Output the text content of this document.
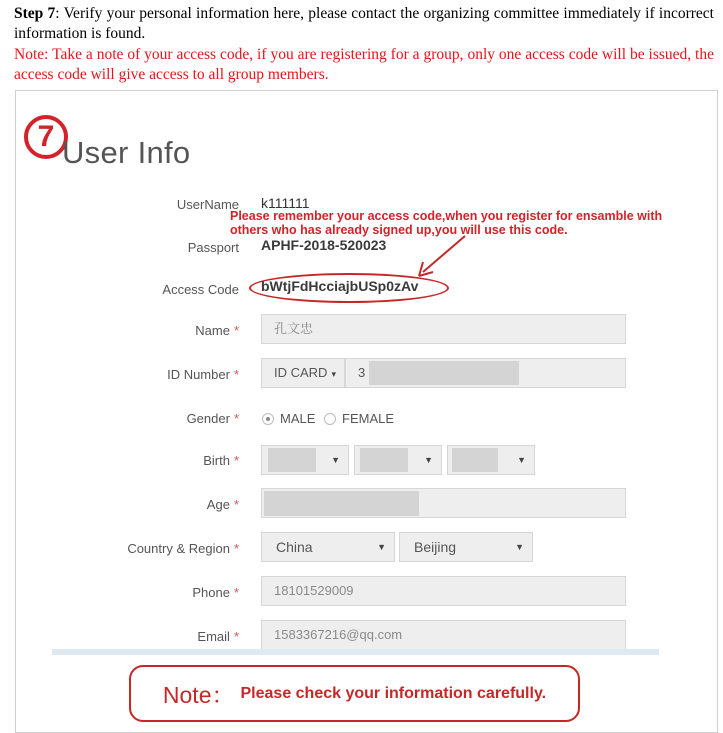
Step 7: Verify your personal information here, please contact the organizing committee immediately if incorrect information is found.
Note: Take a note of your access code, if you are registering for a group, only one access code will be issued, the access code will give access to all group members.
7 User Info
UserName k111111
Please remember your access code,when you register for ensamble with others who has already signed up,you will use this code.
Passport APHF-2018-520023
Access Code bWtjFdHcciajbUSp0zAv
Name *	孔文忠
ID Number *	ID CARD ▾	3
Gender *	MALE FEMALE
Birth *	▼	▼	▼
Age *
Country & Region *	China	▼	Beijing	▼
Phone *	18101529009
Email *	1583367216@qq.com
Note： Please check your information carefully.
